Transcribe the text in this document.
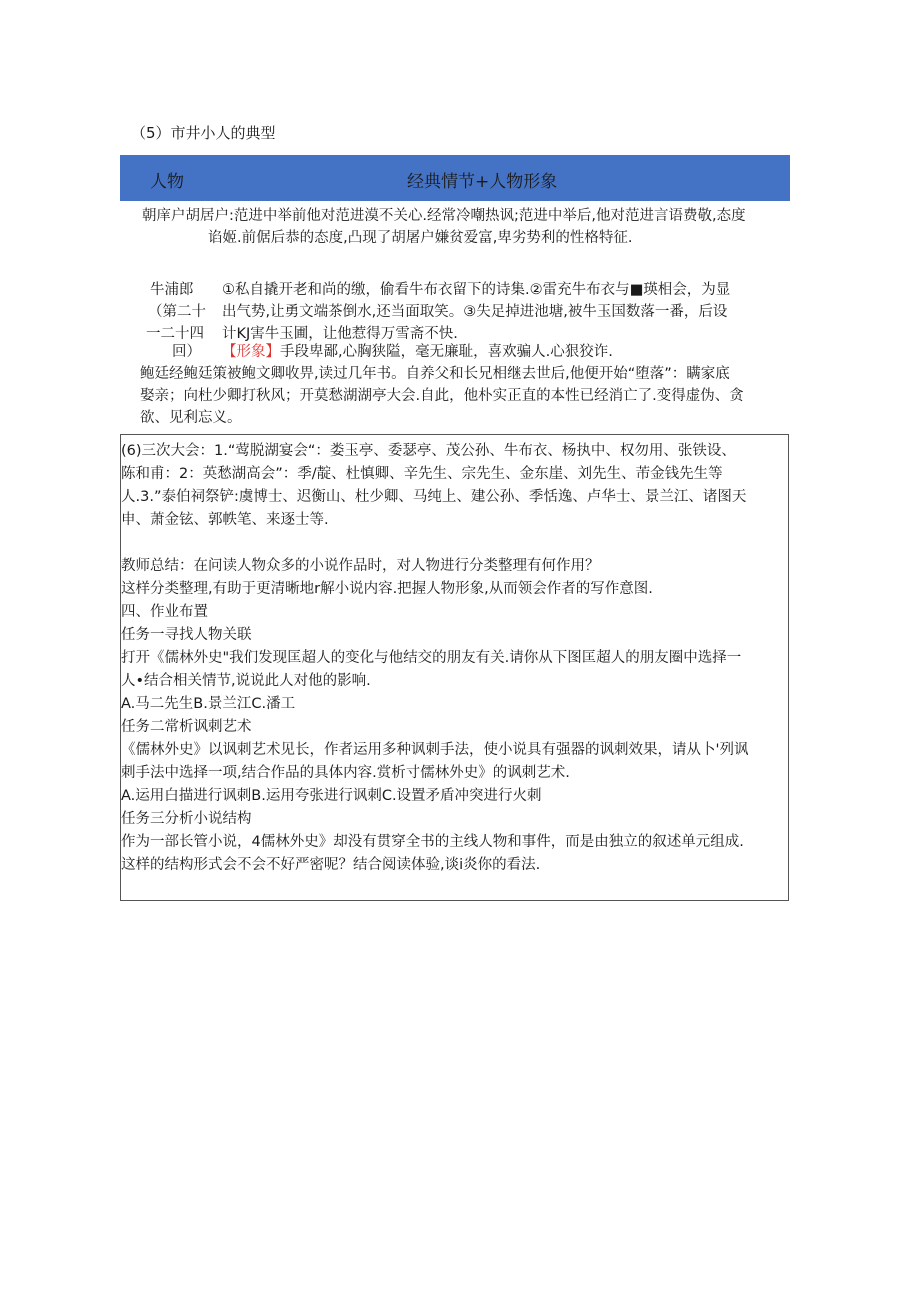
（5）市井小人的典型
人物	经典情节+人物形象
朝庠户胡居户:范进中举前他对范进漠不关心.经常冷嘲热讽;范进中举后,他对范进言语费敬,态度
谄姬.前倨后恭的态度,凸现了胡屠户嫌贫爱富,卑劣势利的性格特征.
牛浦郎
（第二十
一二十四
回）
①私自撬开老和尚的缴，偷看牛布衣留下的诗集.②雷充牛布衣与■瑛相会，为显
出气势,让勇文端茶倒水,还当面取笑。③失足掉进池塘,被牛玉国数落一番，后设
计KJ害牛玉圃，让他惹得万雪斋不快.
【形象】手段卑鄙,心胸狭隘，毫无廉耻，喜欢骗人.心狠狡诈.
鲍廷经鲍廷策被鲍文卿收畀,读过几年书。自养父和长兄相继去世后,他便开始“堕落”：瞒家底
娶亲；向杜少卿打秋风；开莫愁湖湖亭大会.自此，他朴实正直的本性已经消亡了.变得虚伪、贪
欲、见利忘义。
(6)三次大会：1.“莺脱湖宴会“：娄玉亭、委瑟亭、茂公孙、牛布衣、杨执中、权勿用、张铁设、
陈和甫：2：英愁湖高会”：季/靛、杜慎卿、辛先生、宗先生、金东崖、刘先生、芾金钱先生等
人.3.”泰伯祠祭铲:虞博士、迟衡山、杜少卿、马纯上、建公孙、季恬逸、卢华士、景兰江、诸图天
申、萧金铉、郭帙笔、来逐士等.
教师总结：在问读人物众多的小说作品时，对人物进行分类整理有何作用？
这样分类整理,有助于更清晰地r解小说内容.把握人物形象,从而领会作者的写作意图.
四、作业布置
任务一寻找人物关联
打开《儒林外史"我们发现匡超人的变化与他结交的朋友有关.请你从下图匡超人的朋友圈中选择一
人•结合相关情节,说说此人对他的影响.
A.马二先生B.景兰江C.潘工
任务二常析讽刺艺术
《儒林外史》以讽刺艺术见长，作者运用多种讽刺手法，使小说具有强器的讽刺效果，请从卜'列讽
刺手法中选择一项,结合作品的具体内容.赏析寸儒林外史》的讽刺艺术.
A.运用白描进行讽刺B.运用夸张进行讽刺C.设置矛盾冲突进行火刺
任务三分析小说结构
作为一部长管小说，4儒林外史》却没有贯穿全书的主线人物和事件，而是由独立的叙述单元组成.
这样的结构形式会不会不好严密呢？结合阅读体验,谈i炎你的看法.
